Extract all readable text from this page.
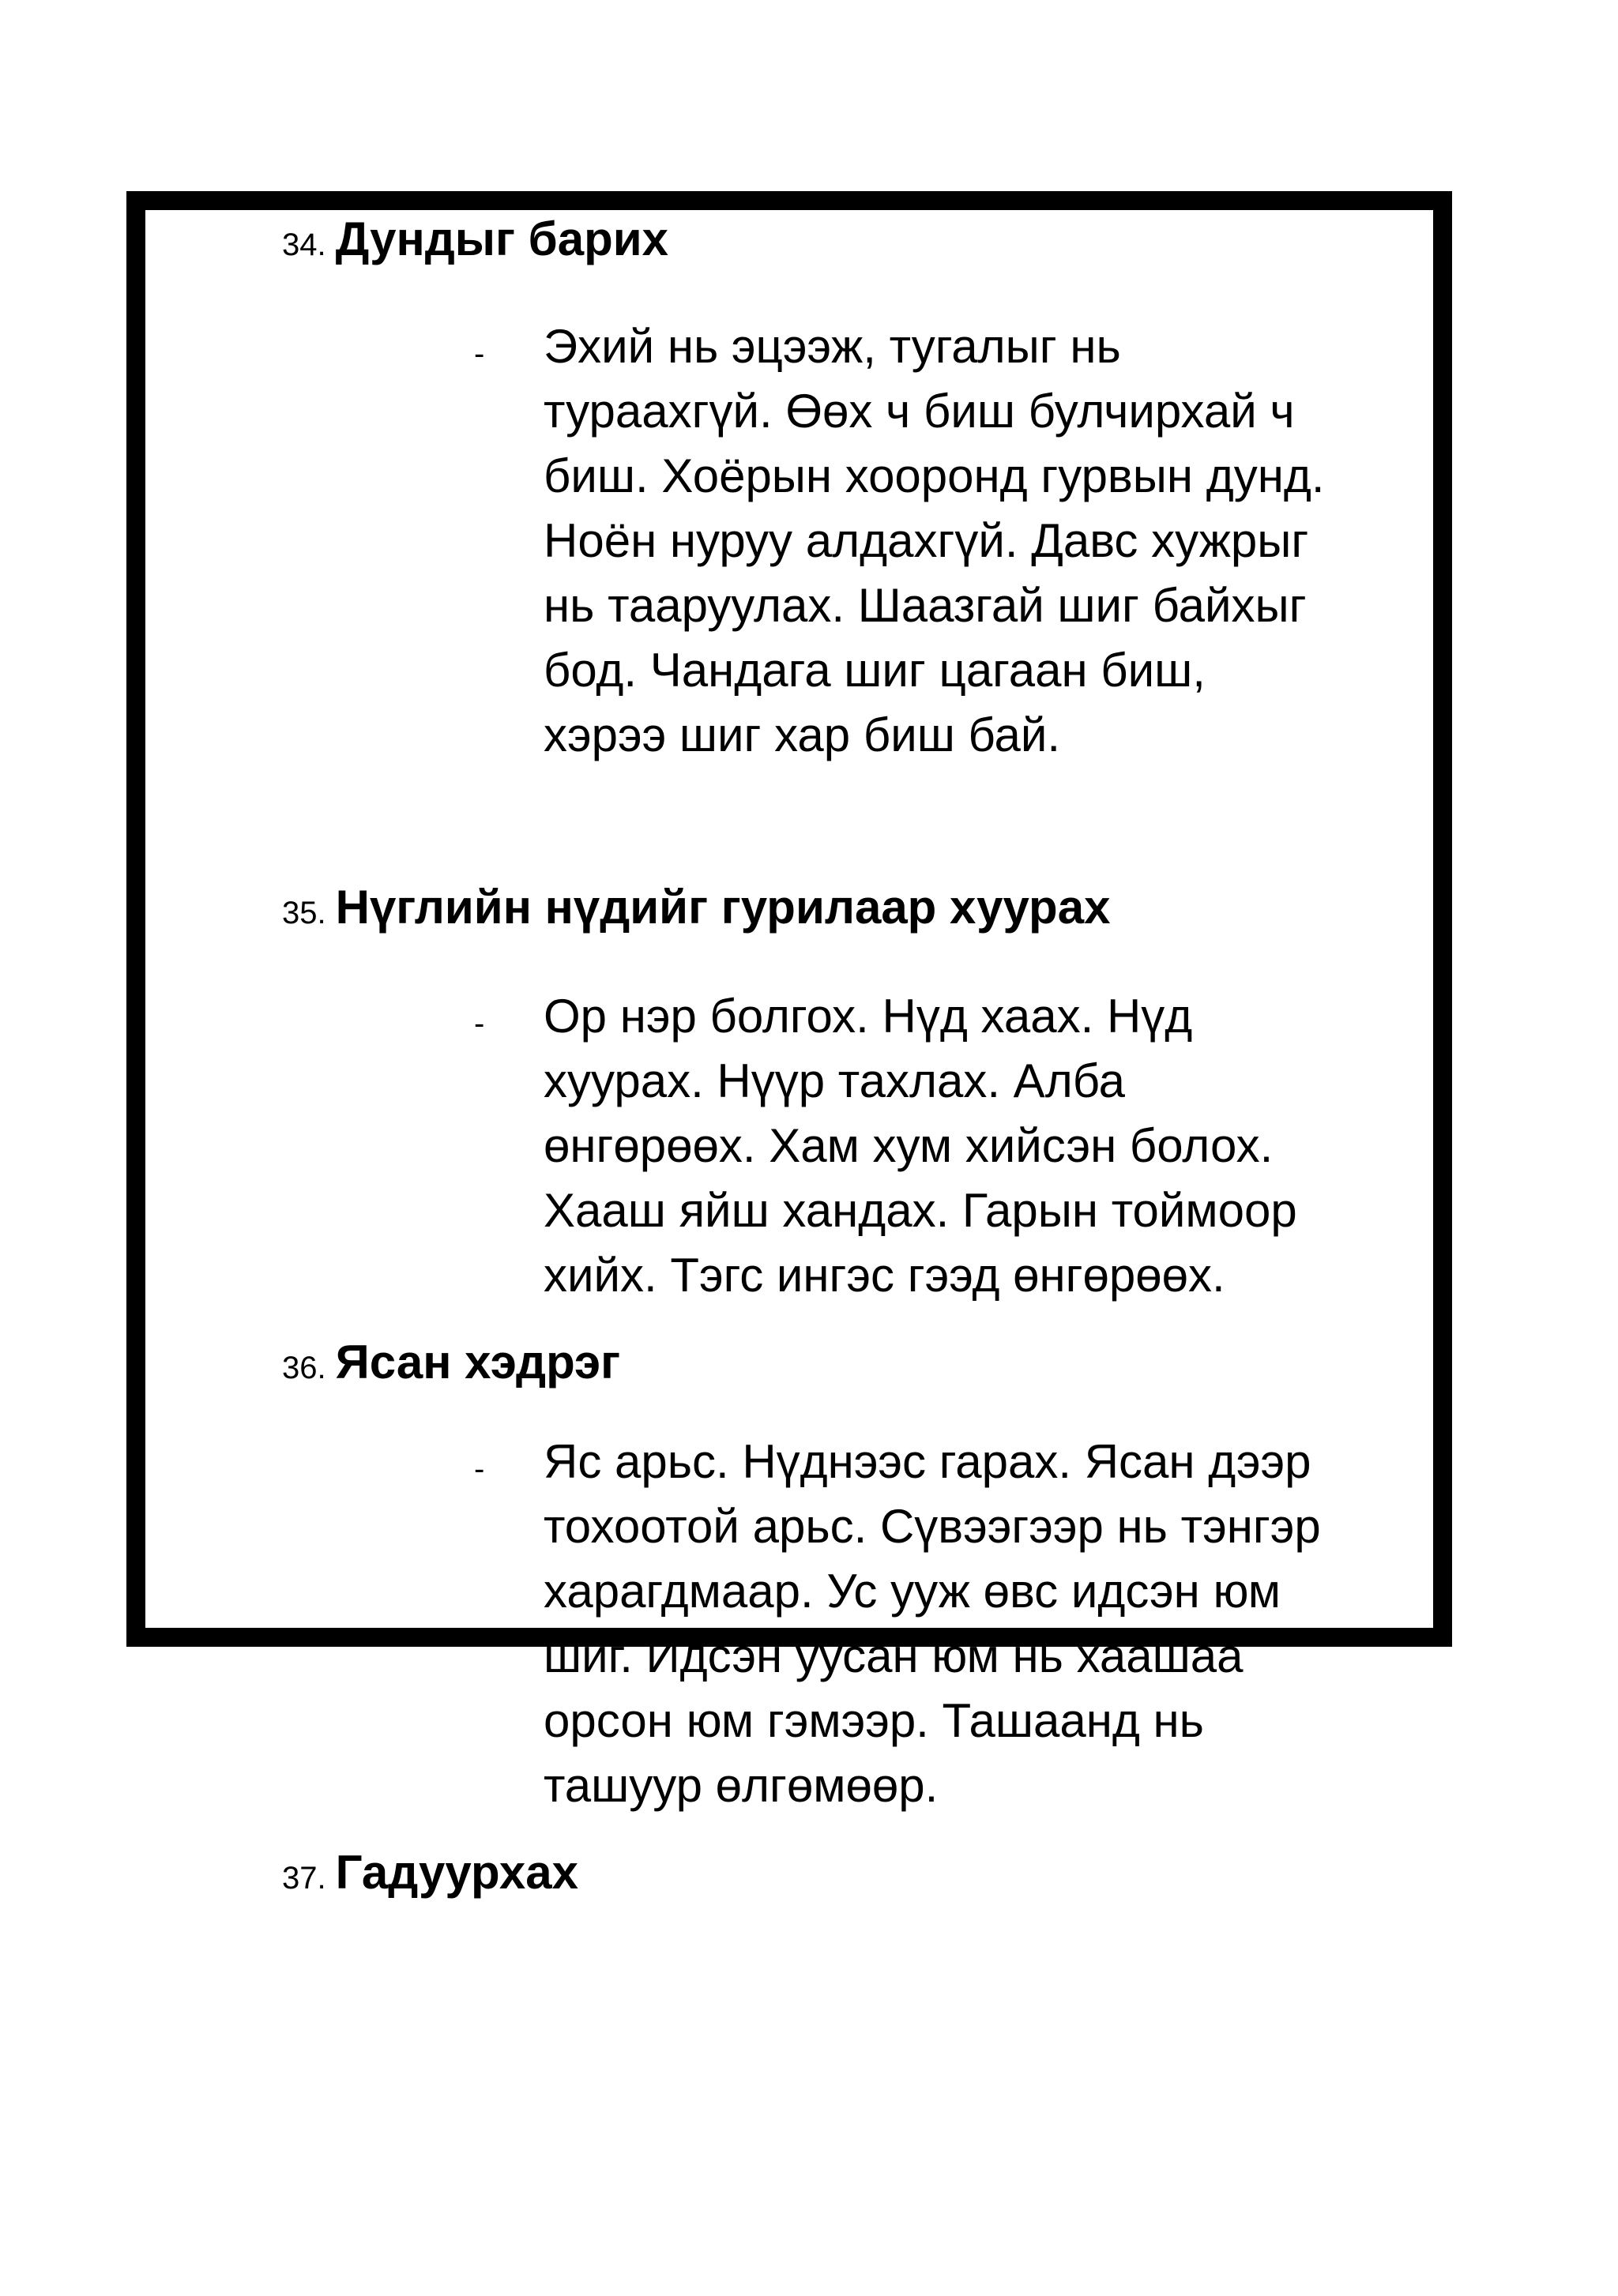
34. Дундыг барих
- Эхий нь эцээж, тугалыг нь
тураахгүй. Өөх ч биш булчирхай ч
биш. Хоёрын хооронд гурвын дунд.
Ноён нуруу алдахгүй. Давс хужрыг
нь тааруулах. Шаазгай шиг байхыг
бод. Чандага шиг цагаан биш,
хэрээ шиг хар биш бай.
35. Нүглийн нүдийг гурилаар хуурах
- Ор нэр болгох. Нүд хаах. Нүд
хуурах. Нүүр тахлах. Алба
өнгөрөөх. Хам хум хийсэн болох.
Хааш яйш хандах. Гарын тоймоор
хийх. Тэгс ингэс гээд өнгөрөөх.
36. Ясан хэдрэг
- Яс арьс. Нүднээс гарах. Ясан дээр
тохоотой арьс. Сүвээгээр нь тэнгэр
харагдмаар. Ус ууж өвс идсэн юм
шиг. Идсэн уусан юм нь хаашаа
орсон юм гэмээр. Ташаанд нь
ташуур өлгөмөөр.
37. Гадуурхах
